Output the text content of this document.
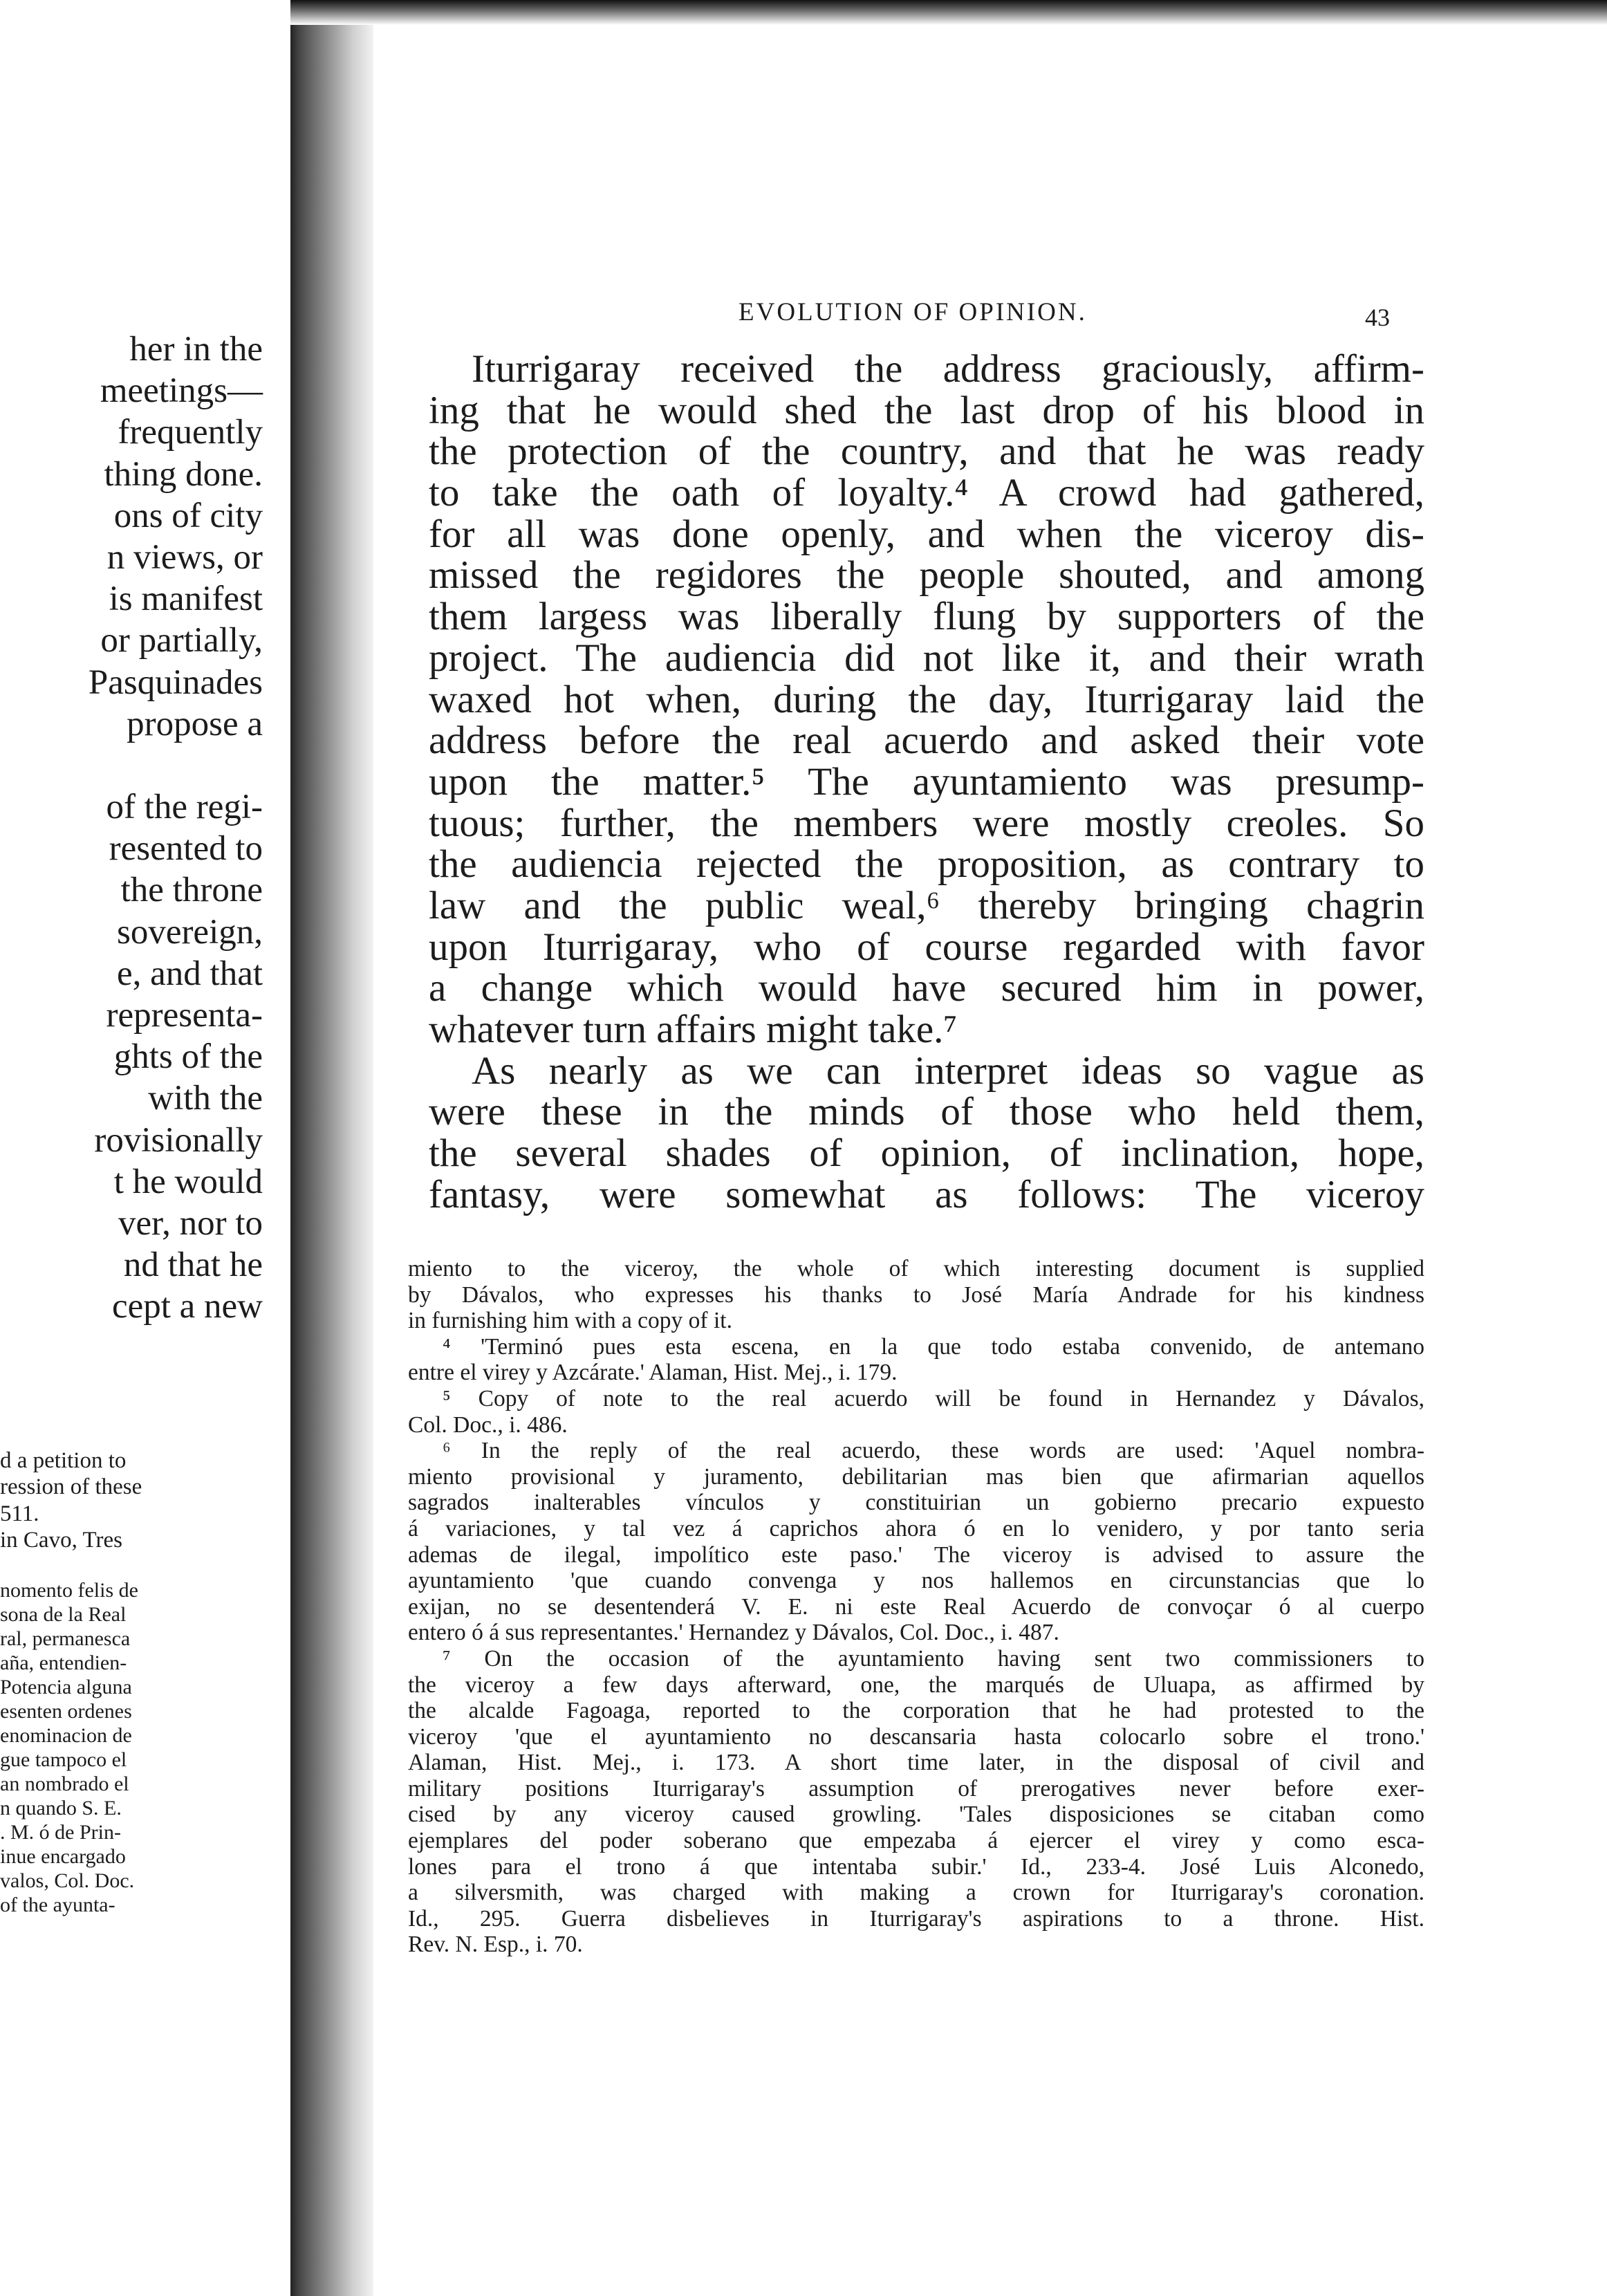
her in the
meetings—
frequently
thing done.
ons of city
n views, or
is manifest
or partially,
Pasquinades
propose a
of the regi-
resented to
the throne
sovereign,
e, and that
representa-
ghts of the
with the
rovisionally
t he would
ver, nor to
nd that he
cept a new
d a petition to
ression of these
511.
in Cavo, Tres
nomento felis de
sona de la Real
ral, permanesca
aña, entendien-
Potencia alguna
esenten ordenes
enominacion de
gue tampoco el
an nombrado el
n quando S. E.
. M. ó de Prin-
inue encargado
valos, Col. Doc.
of the ayunta-
EVOLUTION OF OPINION.	43
Iturrigaray received the address graciously, affirm-
ing that he would shed the last drop of his blood in
the protection of the country, and that he was ready
to take the oath of loyalty.⁴ A crowd had gathered,
for all was done openly, and when the viceroy dis-
missed the regidores the people shouted, and among
them largess was liberally flung by supporters of the
project. The audiencia did not like it, and their wrath
waxed hot when, during the day, Iturrigaray laid the
address before the real acuerdo and asked their vote
upon the matter.⁵ The ayuntamiento was presump-
tuous; further, the members were mostly creoles. So
the audiencia rejected the proposition, as contrary to
law and the public weal,⁶ thereby bringing chagrin
upon Iturrigaray, who of course regarded with favor
a change which would have secured him in power,
whatever turn affairs might take.⁷
As nearly as we can interpret ideas so vague as
were these in the minds of those who held them,
the several shades of opinion, of inclination, hope,
fantasy, were somewhat as follows: The viceroy
miento to the viceroy, the whole of which interesting document is supplied
by Dávalos, who expresses his thanks to José María Andrade for his kindness
in furnishing him with a copy of it.
⁴ 'Terminó pues esta escena, en la que todo estaba convenido, de antemano
entre el virey y Azcárate.' Alaman, Hist. Mej., i. 179.
⁵ Copy of note to the real acuerdo will be found in Hernandez y Dávalos,
Col. Doc., i. 486.
⁶ In the reply of the real acuerdo, these words are used: 'Aquel nombra-
miento provisional y juramento, debilitarian mas bien que afirmarian aquellos
sagrados inalterables vínculos y constituirian un gobierno precario expuesto
á variaciones, y tal vez á caprichos ahora ó en lo venidero, y por tanto seria
ademas de ilegal, impolítico este paso.' The viceroy is advised to assure the
ayuntamiento 'que cuando convenga y nos hallemos en circunstancias que lo
exijan, no se desentenderá V. E. ni este Real Acuerdo de convoçar ó al cuerpo
entero ó á sus representantes.' Hernandez y Dávalos, Col. Doc., i. 487.
⁷ On the occasion of the ayuntamiento having sent two commissioners to
the viceroy a few days afterward, one, the marqués de Uluapa, as affirmed by
the alcalde Fagoaga, reported to the corporation that he had protested to the
viceroy 'que el ayuntamiento no descansaria hasta colocarlo sobre el trono.'
Alaman, Hist. Mej., i. 173. A short time later, in the disposal of civil and
military positions Iturrigaray's assumption of prerogatives never before exer-
cised by any viceroy caused growling. 'Tales disposiciones se citaban como
ejemplares del poder soberano que empezaba á ejercer el virey y como esca-
lones para el trono á que intentaba subir.' Id., 233-4. José Luis Alconedo,
a silversmith, was charged with making a crown for Iturrigaray's coronation.
Id., 295. Guerra disbelieves in Iturrigaray's aspirations to a throne. Hist.
Rev. N. Esp., i. 70.
